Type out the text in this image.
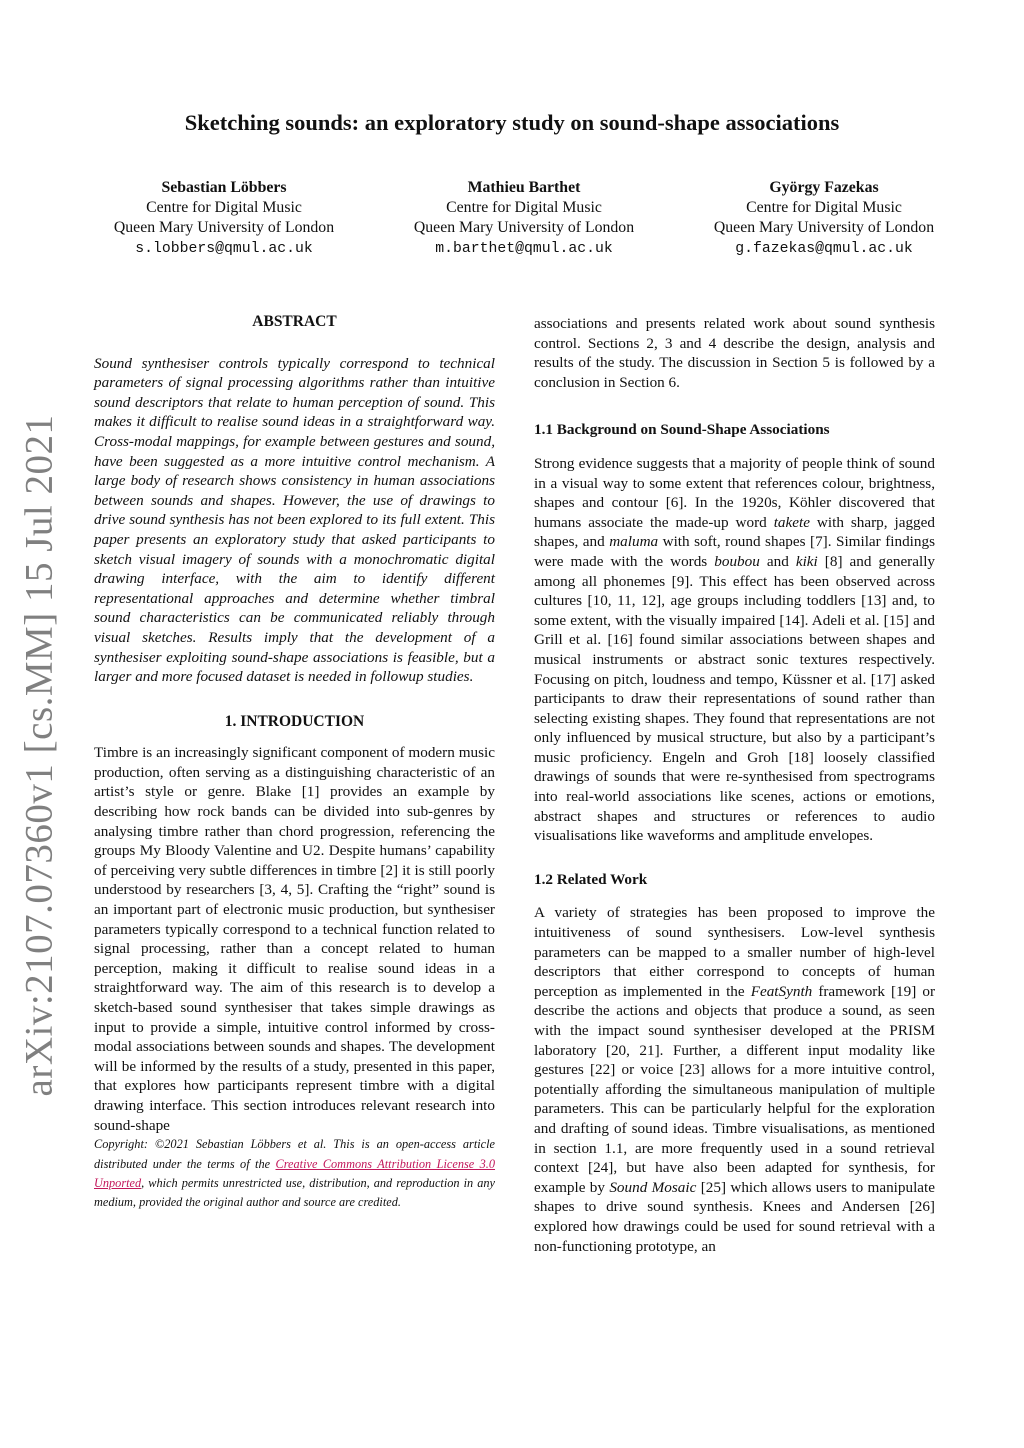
arXiv:2107.07360v1 [cs.MM] 15 Jul 2021
Sketching sounds: an exploratory study on sound-shape associations
Sebastian Löbbers
Centre for Digital Music
Queen Mary University of London
s.lobbers@qmul.ac.uk
Mathieu Barthet
Centre for Digital Music
Queen Mary University of London
m.barthet@qmul.ac.uk
György Fazekas
Centre for Digital Music
Queen Mary University of London
g.fazekas@qmul.ac.uk
ABSTRACT

Sound synthesiser controls typically correspond to technical parameters of signal processing algorithms rather than intuitive sound descriptors that relate to human perception of sound. This makes it difficult to realise sound ideas in a straightforward way. Cross-modal mappings, for example between gestures and sound, have been suggested as a more intuitive control mechanism. A large body of research shows consistency in human associations between sounds and shapes. However, the use of drawings to drive sound synthesis has not been explored to its full extent. This paper presents an exploratory study that asked participants to sketch visual imagery of sounds with a monochromatic digital drawing interface, with the aim to identify different representational approaches and determine whether timbral sound characteristics can be communicated reliably through visual sketches. Results imply that the development of a synthesiser exploiting sound-shape associations is feasible, but a larger and more focused dataset is needed in followup studies.

1. INTRODUCTION

Timbre is an increasingly significant component of modern music production, often serving as a distinguishing characteristic of an artist’s style or genre. Blake [1] provides an example by describing how rock bands can be divided into sub-genres by analysing timbre rather than chord progression, referencing the groups My Bloody Valentine and U2. Despite humans’ capability of perceiving very subtle differences in timbre [2] it is still poorly understood by researchers [3, 4, 5]. Crafting the “right” sound is an important part of electronic music production, but synthesiser parameters typically correspond to a technical function related to signal processing, rather than a concept related to human perception, making it difficult to realise sound ideas in a straightforward way. The aim of this research is to develop a sketch-based sound synthesiser that takes simple drawings as input to provide a simple, intuitive control informed by cross-modal associations between sounds and shapes. The development will be informed by the results of a study, presented in this paper, that explores how participants represent timbre with a digital drawing interface. This section introduces relevant research into sound-shape

Copyright: ©2021 Sebastian Löbbers et al. This is an open-access article distributed under the terms of the Creative Commons Attribution License 3.0 Unported, which permits unrestricted use, distribution, and reproduction in any medium, provided the original author and source are credited.

associations and presents related work about sound synthesis control. Sections 2, 3 and 4 describe the design, analysis and results of the study. The discussion in Section 5 is followed by a conclusion in Section 6.

1.1 Background on Sound-Shape Associations

Strong evidence suggests that a majority of people think of sound in a visual way to some extent that references colour, brightness, shapes and contour [6]. In the 1920s, Köhler discovered that humans associate the made-up word takete with sharp, jagged shapes, and maluma with soft, round shapes [7]. Similar findings were made with the words boubou and kiki [8] and generally among all phonemes [9]. This effect has been observed across cultures [10, 11, 12], age groups including toddlers [13] and, to some extent, with the visually impaired [14]. Adeli et al. [15] and Grill et al. [16] found similar associations between shapes and musical instruments or abstract sonic textures respectively. Focusing on pitch, loudness and tempo, Küssner et al. [17] asked participants to draw their representations of sound rather than selecting existing shapes. They found that representations are not only influenced by musical structure, but also by a participant’s music proficiency. Engeln and Groh [18] loosely classified drawings of sounds that were re-synthesised from spectrograms into real-world associations like scenes, actions or emotions, abstract shapes and structures or references to audio visualisations like waveforms and amplitude envelopes.

1.2 Related Work

A variety of strategies has been proposed to improve the intuitiveness of sound synthesisers. Low-level synthesis parameters can be mapped to a smaller number of high-level descriptors that either correspond to concepts of human perception as implemented in the FeatSynth framework [19] or describe the actions and objects that produce a sound, as seen with the impact sound synthesiser developed at the PRISM laboratory [20, 21]. Further, a different input modality like gestures [22] or voice [23] allows for a more intuitive control, potentially affording the simultaneous manipulation of multiple parameters. This can be particularly helpful for the exploration and drafting of sound ideas. Timbre visualisations, as mentioned in section 1.1, are more frequently used in a sound retrieval context [24], but have also been adapted for synthesis, for example by Sound Mosaic [25] which allows users to manipulate shapes to drive sound synthesis. Knees and Andersen [26] explored how drawings could be used for sound retrieval with a non-functioning prototype, an
